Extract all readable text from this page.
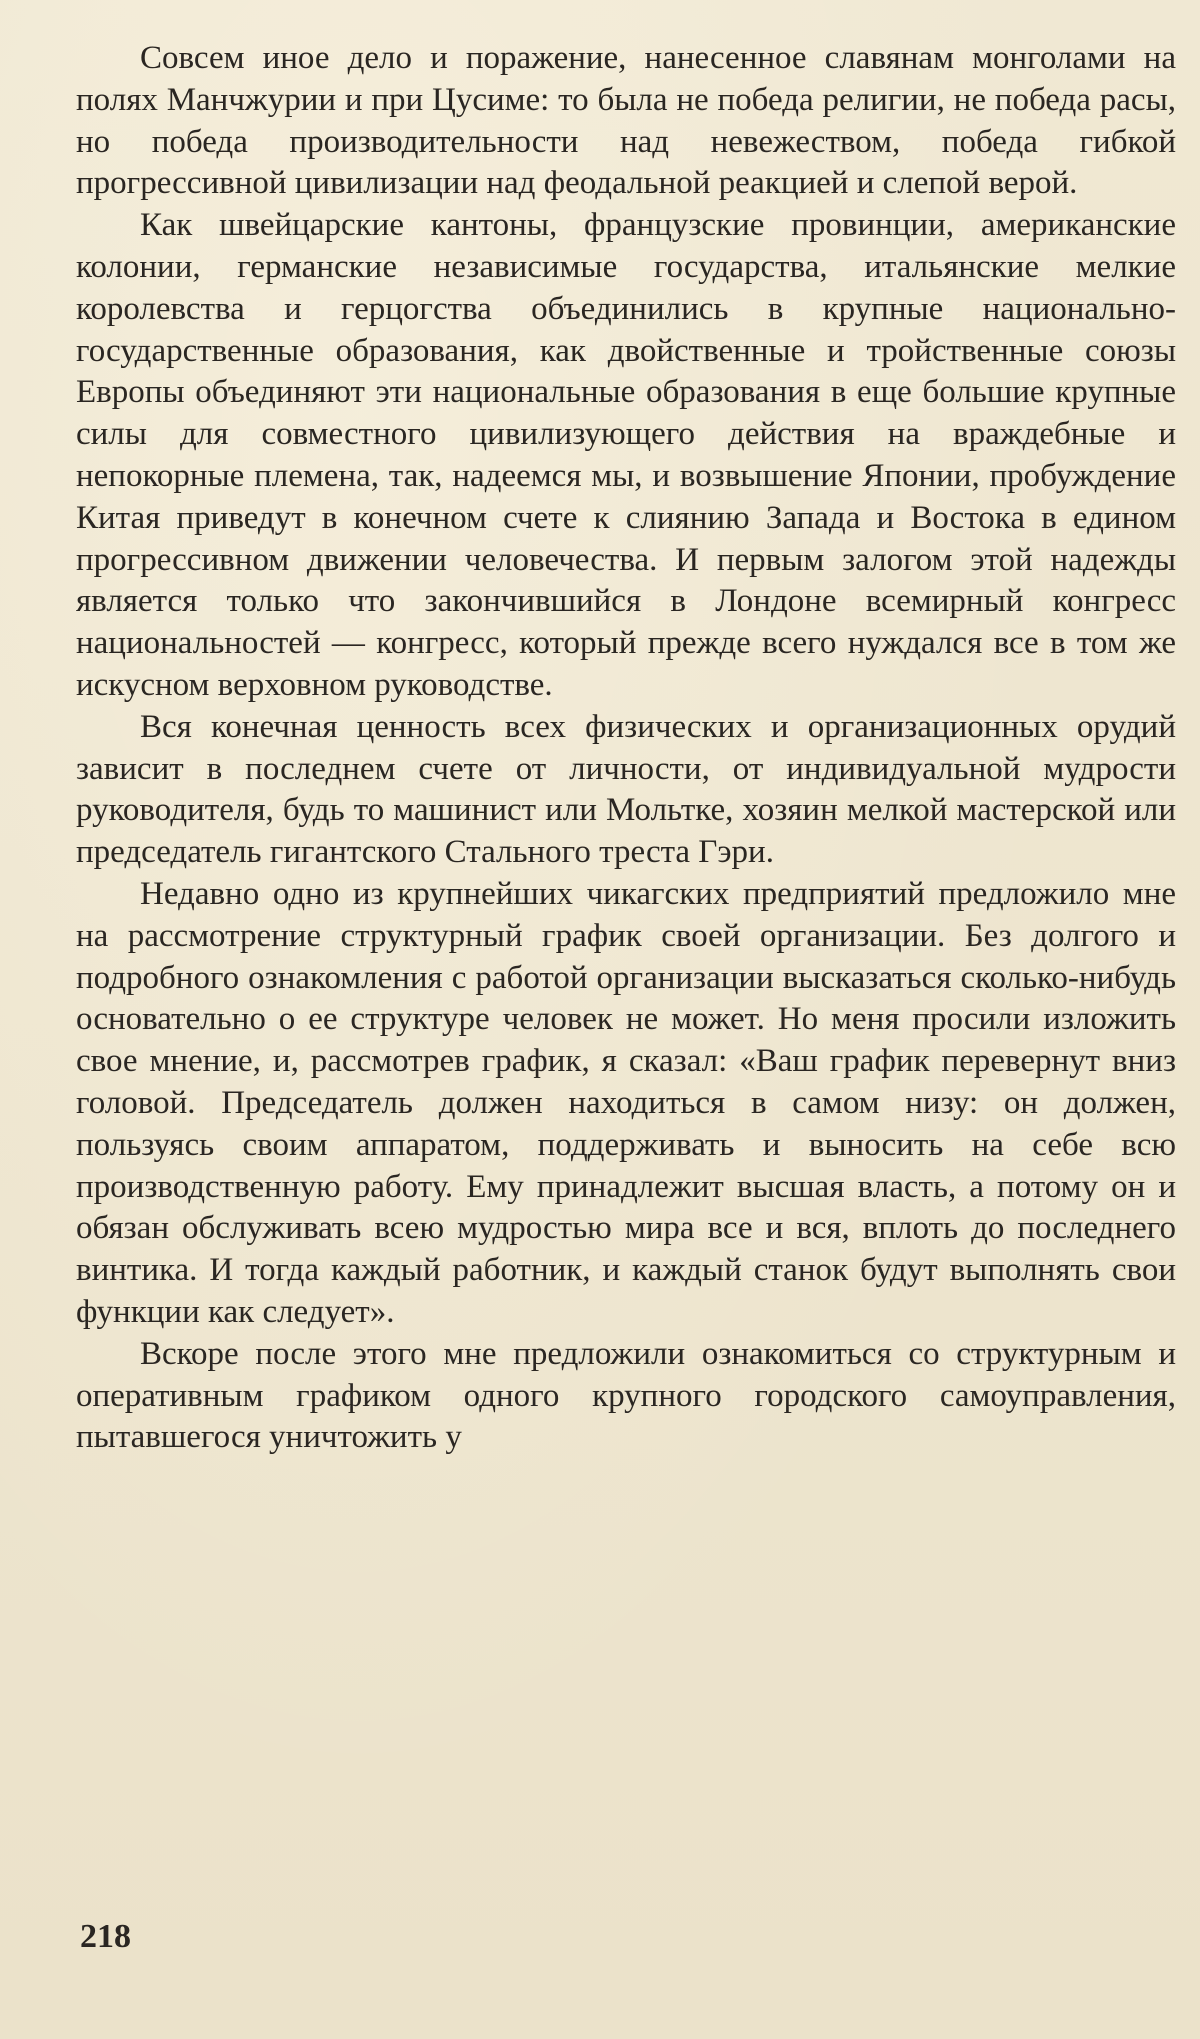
Совсем иное дело и поражение, нанесенное славянам монголами на полях Манчжурии и при Цусиме: то была не победа религии, не победа расы, но победа производительности над невежеством, победа гибкой прогрессивной цивилизации над феодальной реакцией и слепой верой.

Как швейцарские кантоны, французские провинции, американские колонии, германские независимые государства, итальянские мелкие королевства и герцогства объединились в крупные национально-государственные образования, как двойственные и тройственные союзы Европы объединяют эти национальные образования в еще большие крупные силы для совместного цивилизующего действия на враждебные и непокорные племена, так, надеемся мы, и возвышение Японии, пробуждение Китая приведут в конечном счете к слиянию Запада и Востока в едином прогрессивном движении человечества. И первым залогом этой надежды является только что закончившийся в Лондоне всемирный конгресс национальностей — конгресс, который прежде всего нуждался все в том же искусном верховном руководстве.

Вся конечная ценность всех физических и организационных орудий зависит в последнем счете от личности, от индивидуальной мудрости руководителя, будь то машинист или Мольтке, хозяин мелкой мастерской или председатель гигантского Стального треста Гэри.

Недавно одно из крупнейших чикагских предприятий предложило мне на рассмотрение структурный график своей организации. Без долгого и подробного ознакомления с работой организации высказаться сколько-нибудь основательно о ее структуре человек не может. Но меня просили изложить свое мнение, и, рассмотрев график, я сказал: «Ваш график перевернут вниз головой. Председатель должен находиться в самом низу: он должен, пользуясь своим аппаратом, поддерживать и выносить на себе всю производственную работу. Ему принадлежит высшая власть, а потому он и обязан обслуживать всею мудростью мира все и вся, вплоть до последнего винтика. И тогда каждый работник, и каждый станок будут выполнять свои функции как следует».

Вскоре после этого мне предложили ознакомиться со структурным и оперативным графиком одного крупного городского самоуправления, пытавшегося уничтожить у

218
